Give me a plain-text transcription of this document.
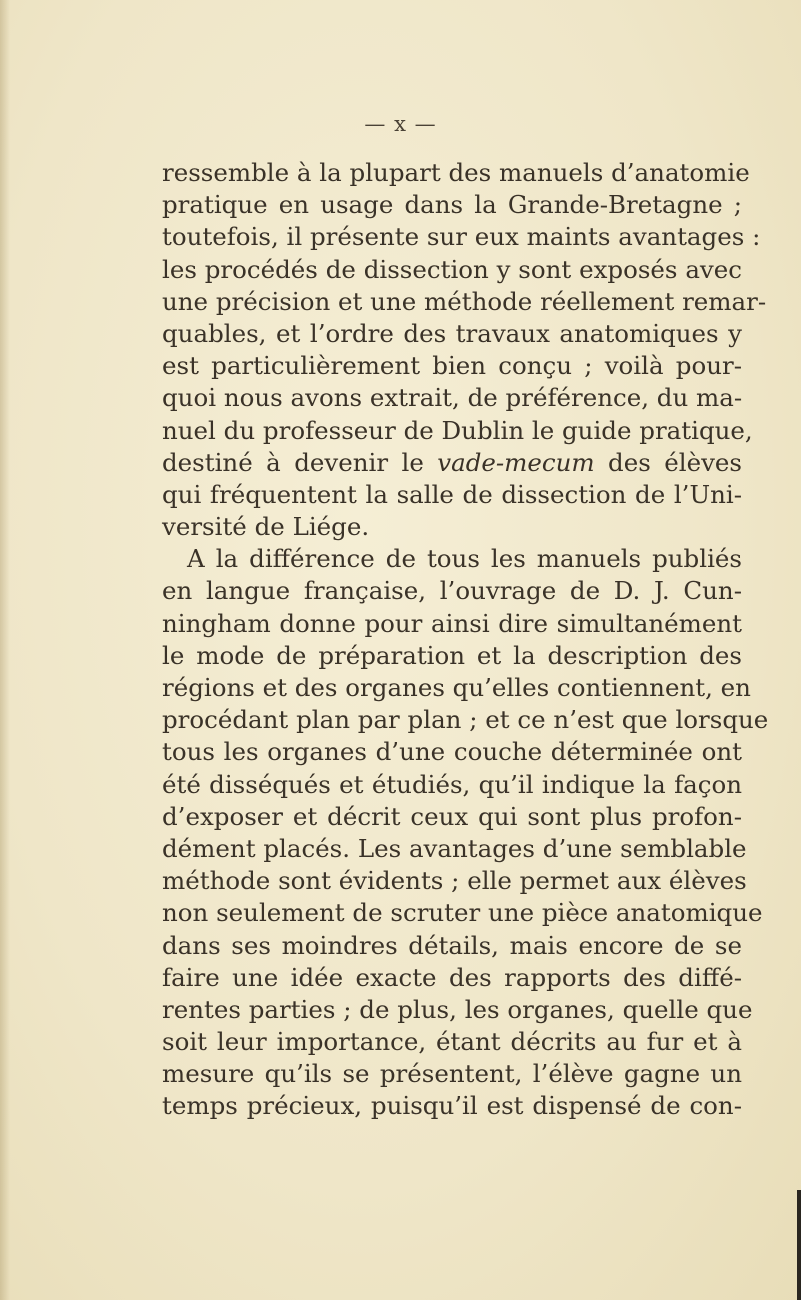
— x —
ressemble à la plupart des manuels d’anatomie
pratique en usage dans la Grande-Bretagne ;
toutefois, il présente sur eux maints avantages :
les procédés de dissection y sont exposés avec
une précision et une méthode réellement remar-
quables, et l’ordre des travaux anatomiques y
est particulièrement bien conçu ; voilà pour-
quoi nous avons extrait, de préférence, du ma-
nuel du professeur de Dublin le guide pratique,
destiné à devenir le vade-mecum des élèves
qui fréquentent la salle de dissection de l’Uni-
versité de Liége.
A la différence de tous les manuels publiés
en langue française, l’ouvrage de D. J. Cun-
ningham donne pour ainsi dire simultanément
le mode de préparation et la description des
régions et des organes qu’elles contiennent, en
procédant plan par plan ; et ce n’est que lorsque
tous les organes d’une couche déterminée ont
été disséqués et étudiés, qu’il indique la façon
d’exposer et décrit ceux qui sont plus profon-
dément placés. Les avantages d’une semblable
méthode sont évidents ; elle permet aux élèves
non seulement de scruter une pièce anatomique
dans ses moindres détails, mais encore de se
faire une idée exacte des rapports des diffé-
rentes parties ; de plus, les organes, quelle que
soit leur importance, étant décrits au fur et à
mesure qu’ils se présentent, l’élève gagne un
temps précieux, puisqu’il est dispensé de con-
